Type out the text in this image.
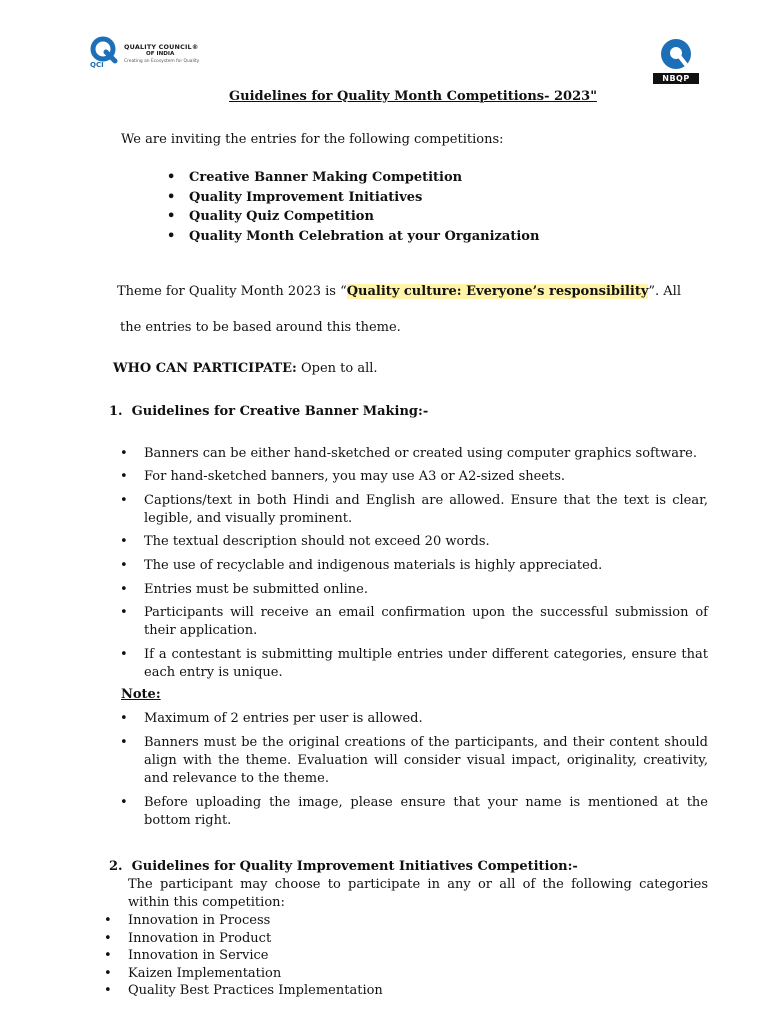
QCI
QUALITY COUNCIL®
OF INDIA
Creating an Ecosystem for Quality
NBQP
Guidelines for Quality Month Competitions- 2023"
We are inviting the entries for the following competitions:
• Creative Banner Making Competition
• Quality Improvement Initiatives
• Quality Quiz Competition
• Quality Month Celebration at your Organization
Theme for Quality Month 2023 is “Quality culture: Everyone’s responsibility”. All
the entries to be based around this theme.
WHO CAN PARTICIPATE: Open to all.
1. Guidelines for Creative Banner Making:-
• Banners can be either hand-sketched or created using computer graphics software.
• For hand-sketched banners, you may use A3 or A2-sized sheets.
• Captions/text in both Hindi and English are allowed. Ensure that the text is clear, legible, and visually prominent.
• The textual description should not exceed 20 words.
• The use of recyclable and indigenous materials is highly appreciated.
• Entries must be submitted online.
• Participants will receive an email confirmation upon the successful submission of their application.
• If a contestant is submitting multiple entries under different categories, ensure that each entry is unique.
Note:
• Maximum of 2 entries per user is allowed.
• Banners must be the original creations of the participants, and their content should align with the theme. Evaluation will consider visual impact, originality, creativity, and relevance to the theme.
• Before uploading the image, please ensure that your name is mentioned at the bottom right.
2. Guidelines for Quality Improvement Initiatives Competition:-
The participant may choose to participate in any or all of the following categories within this competition:
• Innovation in Process
• Innovation in Product
• Innovation in Service
• Kaizen Implementation
• Quality Best Practices Implementation
